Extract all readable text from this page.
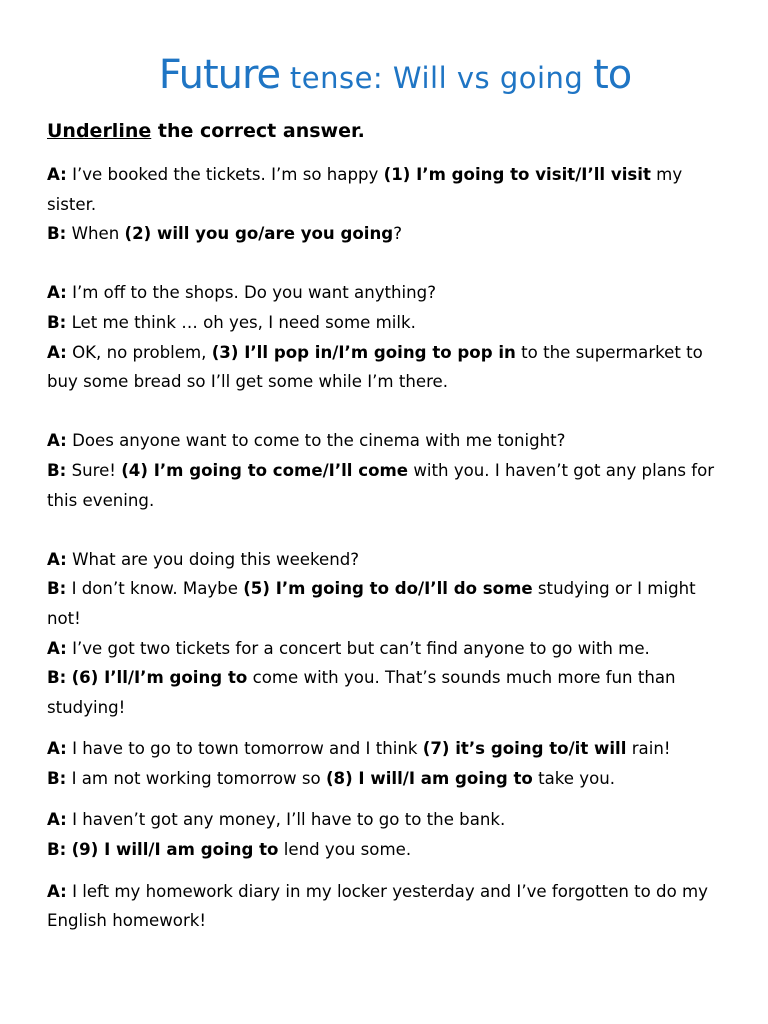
Future tense: Will vs going to
Underline the correct answer.

A: I’ve booked the tickets. I’m so happy (1) I’m going to visit/I’ll visit my sister.

B: When (2) will you go/are you going?

A: I’m off to the shops. Do you want anything?

B: Let me think … oh yes, I need some milk.

A: OK, no problem, (3) I’ll pop in/I’m going to pop in to the supermarket to buy some bread so I’ll get some while I’m there.

A: Does anyone want to come to the cinema with me tonight?

B: Sure! (4) I’m going to come/I’ll come with you. I haven’t got any plans for this evening.

A: What are you doing this weekend?

B: I don’t know. Maybe (5) I’m going to do/I’ll do some studying or I might not!

A: I’ve got two tickets for a concert but can’t find anyone to go with me.

B: (6) I’ll/I’m going to come with you. That’s sounds much more fun than studying!

A: I have to go to town tomorrow and I think (7) it’s going to/it will rain!

B: I am not working tomorrow so (8) I will/I am going to take you.

A: I haven’t got any money, I’ll have to go to the bank.

B: (9) I will/I am going to lend you some.

A: I left my homework diary in my locker yesterday and I’ve forgotten to do my English homework!
